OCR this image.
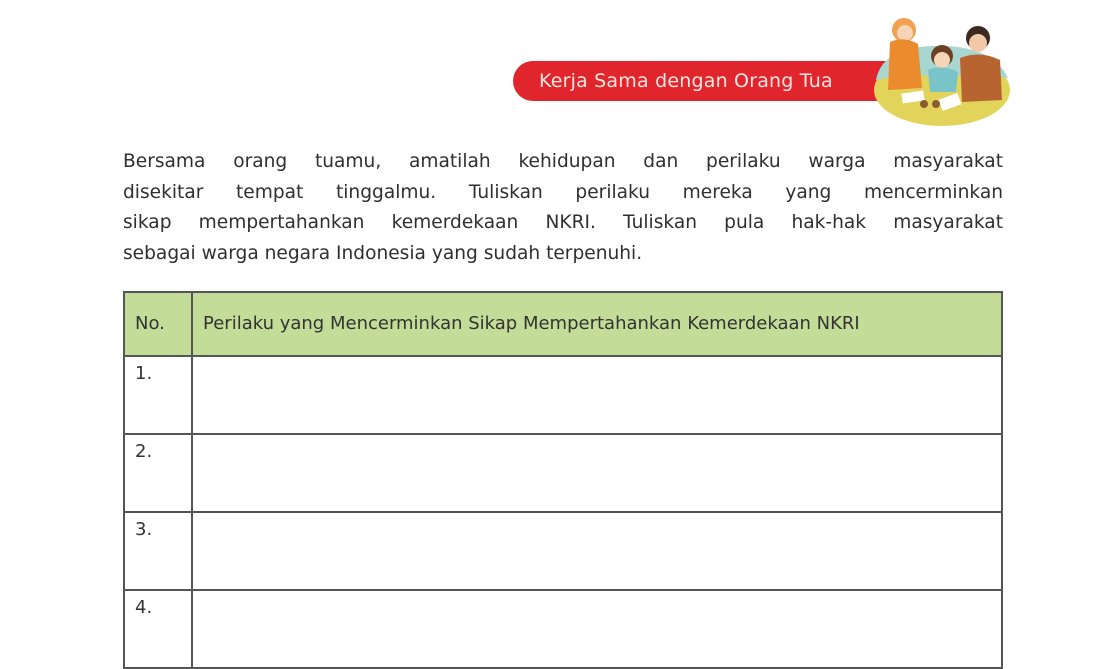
Kerja Sama dengan Orang Tua
Bersama orang tuamu, amatilah kehidupan dan perilaku warga masyarakat
disekitar tempat tinggalmu. Tuliskan perilaku mereka yang mencerminkan
sikap mempertahankan kemerdekaan NKRI. Tuliskan pula hak-hak masyarakat
sebagai warga negara Indonesia yang sudah terpenuhi.
No.	Perilaku yang Mencerminkan Sikap Mempertahankan Kemerdekaan NKRI
1.	
2.	
3.	
4.	
